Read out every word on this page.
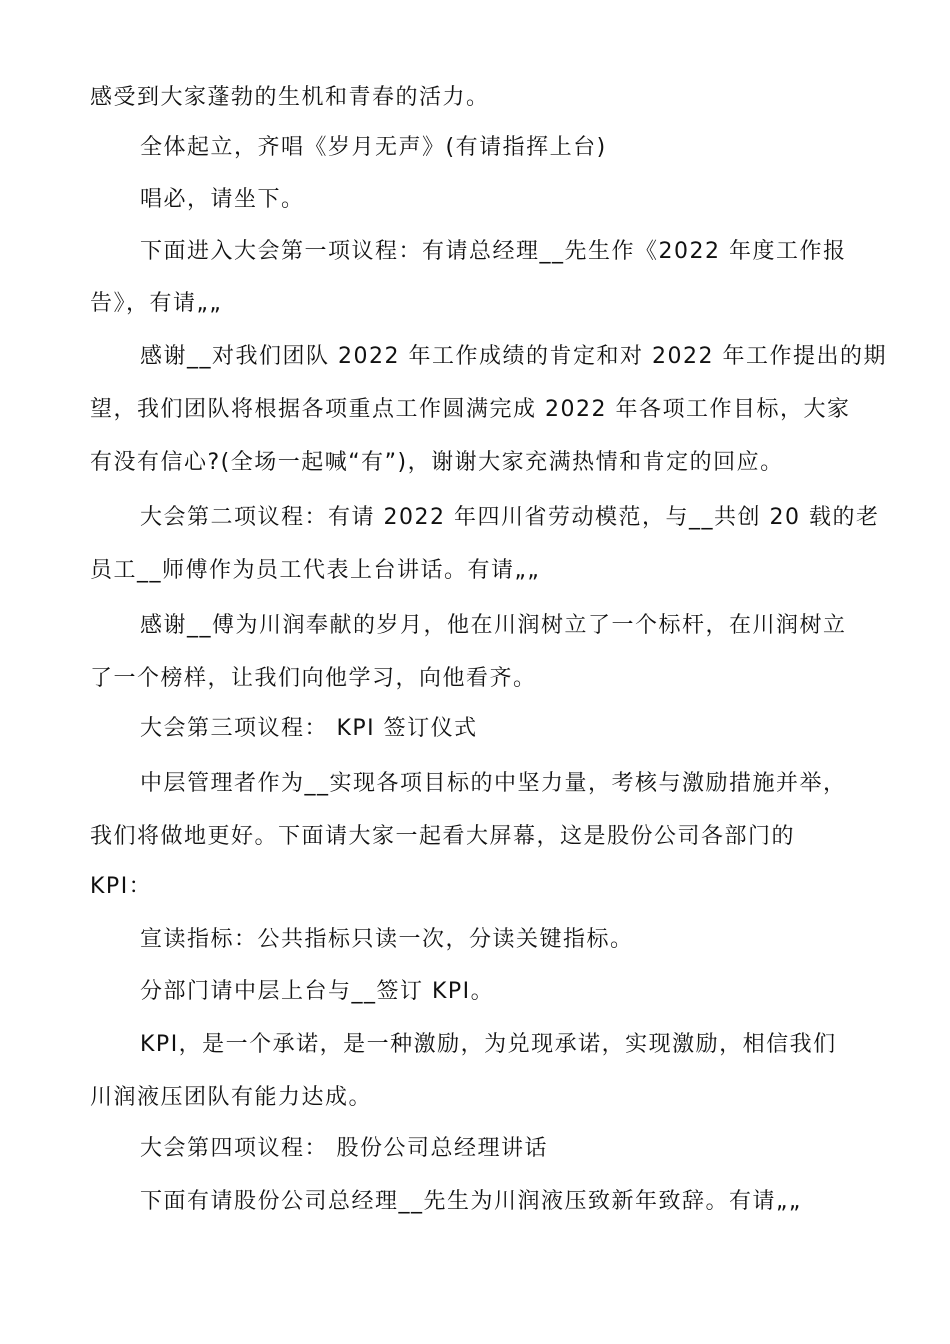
感受到大家蓬勃的生机和青春的活力。
全体起立，齐唱《岁月无声》(有请指挥上台)
唱必，请坐下。
下面进入大会第一项议程：有请总经理__先生作《2022 年度工作报
告》，有请„„
感谢__对我们团队 2022 年工作成绩的肯定和对 2022 年工作提出的期
望，我们团队将根据各项重点工作圆满完成 2022 年各项工作目标，大家
有没有信心?(全场一起喊“有”)，谢谢大家充满热情和肯定的回应。
大会第二项议程：有请 2022 年四川省劳动模范，与__共创 20 载的老
员工__师傅作为员工代表上台讲话。有请„„
感谢__傅为川润奉献的岁月，他在川润树立了一个标杆，在川润树立
了一个榜样，让我们向他学习，向他看齐。
大会第三项议程： KPI 签订仪式
中层管理者作为__实现各项目标的中坚力量，考核与激励措施并举，
我们将做地更好。下面请大家一起看大屏幕，这是股份公司各部门的
KPI：
宣读指标：公共指标只读一次，分读关键指标。
分部门请中层上台与__签订 KPI。
KPI，是一个承诺，是一种激励，为兑现承诺，实现激励，相信我们
川润液压团队有能力达成。
大会第四项议程： 股份公司总经理讲话
下面有请股份公司总经理__先生为川润液压致新年致辞。有请„„
